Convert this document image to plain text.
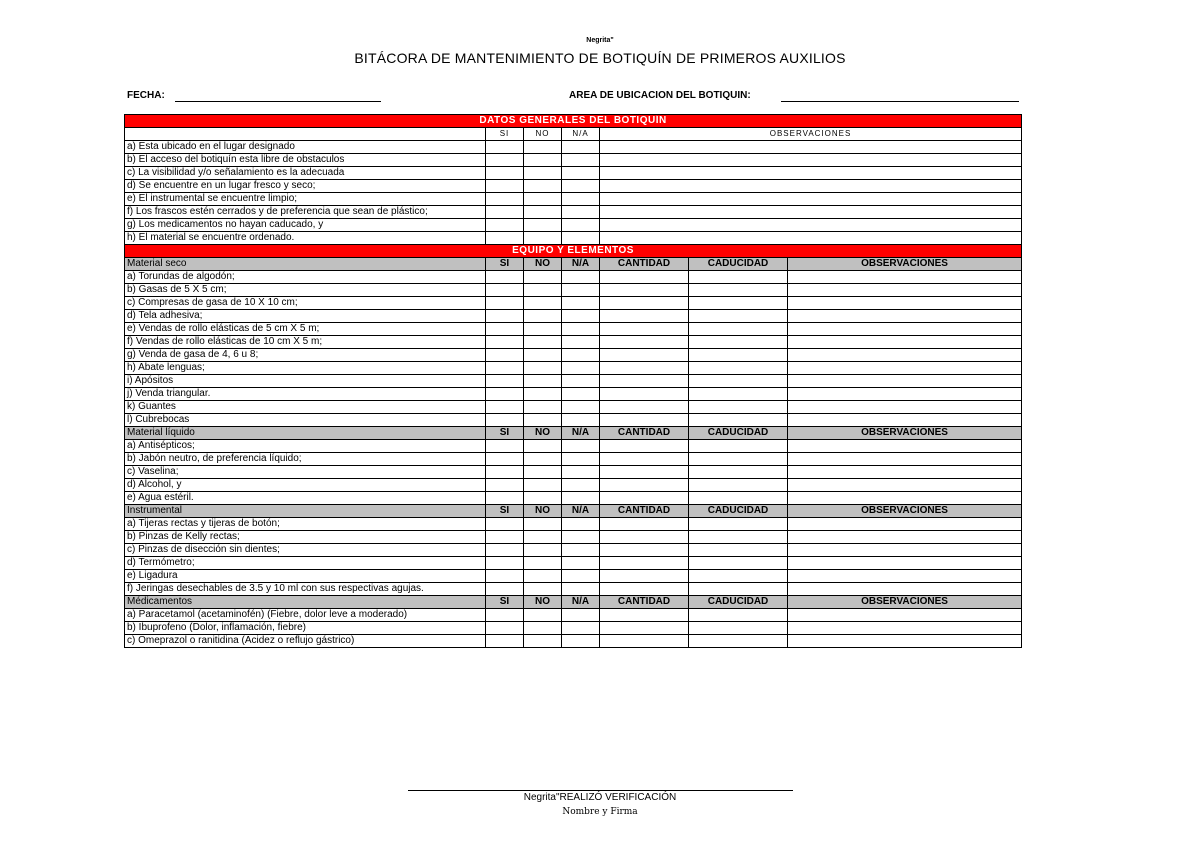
Negrita"
BITÁCORA DE MANTENIMIENTO DE BOTIQUÍN DE PRIMEROS AUXILIOS
FECHA:	AREA DE UBICACION DEL BOTIQUIN:
DATOS GENERALES DEL BOTIQUÍN						
	SI	NO	N/A	OBSERVACIONES		
a) Esta ubicado en el lugar designado						
b) El acceso del botiquín esta libre de obstaculos						
c) La visibilidad y/o señalamiento es la adecuada						
d) Se encuentre en un lugar fresco y seco;						
e) El instrumental se encuentre limpio;						
f) Los frascos estén cerrados y de preferencia que sean de plástico;						
g) Los medicamentos no hayan caducado, y						
h) El material se encuentre ordenado.						
EQUIPO Y ELEMENTOS						
Material seco	SI	NO	N/A	CANTIDAD	CADUCIDAD	OBSERVACIONES
a) Torundas de algodón;						
b) Gasas de 5 X 5 cm;						
c) Compresas de gasa de 10 X 10 cm;						
d) Tela adhesiva;						
e) Vendas de rollo elásticas de 5 cm X 5 m;						
f) Vendas de rollo elásticas de 10 cm X 5 m;						
g) Venda de gasa de 4, 6 u 8;						
h) Abate lenguas;						
i) Apósitos						
j) Venda triangular.						
k) Guantes						
l) Cubrebocas						
Material líquido	SI	NO	N/A	CANTIDAD	CADUCIDAD	OBSERVACIONES
a) Antisépticos;						
b) Jabón neutro, de preferencia líquido;						
c) Vaselina;						
d) Alcohol, y						
e) Agua estéril.						
Instrumental	SI	NO	N/A	CANTIDAD	CADUCIDAD	OBSERVACIONES
a) Tijeras rectas y tijeras de botón;						
b) Pinzas de Kelly rectas;						
c) Pinzas de disección sin dientes;						
d) Termómetro;						
e) Ligadura						
f) Jeringas desechables de 3.5 y 10 ml con sus respectivas agujas.						
Médicamentos	SI	NO	N/A	CANTIDAD	CADUCIDAD	OBSERVACIONES
a) Paracetamol (acetaminofén) (Fiebre, dolor leve a moderado)						
b) Ibuprofeno (Dolor, inflamación, fiebre)						
c) Omeprazol o ranitidina (Acidez o reflujo gástrico)						
Negrita"REALIZÓ VERIFICACIÓN
Nombre y Firma
